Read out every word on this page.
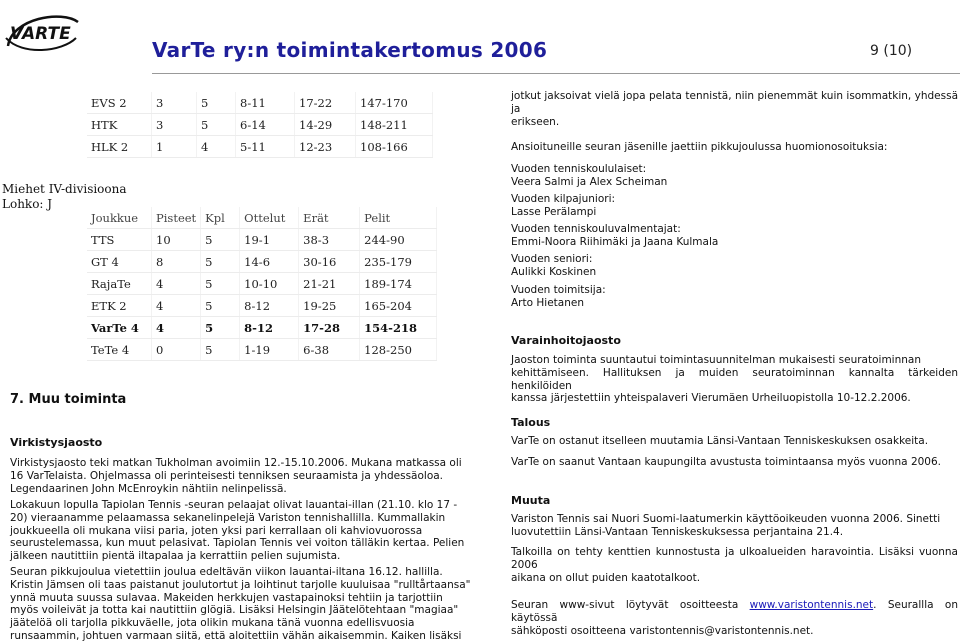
VARTE
VarTe ry:n toimintakertomus 2006	9 (10)
Miehet IV-divisioona
Lohko: J
EVS 2	3	5	8-11	17-22	147-170
HTK	3	5	6-14	14-29	148-211
HLK 2	1	4	5-11	12-23	108-166
Joukkue	Pisteet	Kpl	Ottelut	Erät	Pelit
TTS	10	5	19-1	38-3	244-90
GT 4	8	5	14-6	30-16	235-179
RajaTe	4	5	10-10	21-21	189-174
ETK 2	4	5	8-12	19-25	165-204
VarTe 4	4	5	8-12	17-28	154-218
TeTe 4	0	5	1-19	6-38	128-250
7. Muu toiminta
Virkistysjaosto

Virkistysjaosto teki matkan Tukholman avoimiin 12.-15.10.2006. Mukana matkassa oli

16 VarTelaista. Ohjelmassa oli perinteisesti tenniksen seuraamista ja yhdessäoloa.

Legendaarinen John McEnroykin nähtiin nelinpelissä.

Lokakuun lopulla Tapiolan Tennis -seuran pelaajat olivat lauantai-illan (21.10. klo 17 -

20) vieraanamme pelaamassa sekanelinpelejä Variston tennishallilla. Kummallakin

joukkueella oli mukana viisi paria, joten yksi pari kerrallaan oli kahviovuorossa

seurustelemassa, kun muut pelasivat. Tapiolan Tennis vei voiton tälläkin kertaa. Pelien

jälkeen nautittiin pientä iltapalaa ja kerrattiin pelien sujumista.

Seuran pikkujoulua vietettiin joulua edeltävän viikon lauantai-iltana 16.12. hallilla.

Kristin Jämsen oli taas paistanut joulutortut ja loihtinut tarjolle kuuluisaa "rulltårtaansa"

ynnä muuta suussa sulavaa. Makeiden herkkujen vastapainoksi tehtiin ja tarjottiin

myös voileivät ja totta kai nautittiin glögiä. Lisäksi Helsingin Jäätelötehtaan "magiaa"

jäätelöä oli tarjolla pikkuväelle, jota olikin mukana tänä vuonna edellisvuosia

runsaammin, johtuen varmaan siitä, että aloitettiin vähän aikaisemmin. Kaiken lisäksi

jotkut jaksoivat vielä jopa pelata tennistä, niin pienemmät kuin isommatkin, yhdessä ja

erikseen.

Ansioituneille seuran jäsenille jaettiin pikkujoulussa huomionosoituksia:

Vuoden tenniskoululaiset:

Veera Salmi ja Alex Scheiman

Vuoden kilpajuniori:

Lasse Perälampi

Vuoden tenniskouluvalmentajat:

Emmi-Noora Riihimäki ja Jaana Kulmala

Vuoden seniori:

Aulikki Koskinen

Vuoden toimitsija:

Arto Hietanen

Varainhoitojaosto

Jaoston toiminta suuntautui toimintasuunnitelman mukaisesti seuratoiminnan

kehittämiseen. Hallituksen ja muiden seuratoiminnan kannalta tärkeiden henkilöiden

kanssa järjestettiin yhteispalaveri Vierumäen Urheiluopistolla 10-12.2.2006.

Talous
VarTe on ostanut itselleen muutamia Länsi-Vantaan Tenniskeskuksen osakkeita.
VarTe on saanut Vantaan kaupungilta avustusta toimintaansa myös vuonna 2006.
Muuta

Variston Tennis sai Nuori Suomi-laatumerkin käyttöoikeuden vuonna 2006. Sinetti

luovutettiin Länsi-Vantaan Tenniskeskuksessa perjantaina 21.4.

Talkoilla on tehty kenttien kunnostusta ja ulkoalueiden haravointia. Lisäksi vuonna 2006

aikana on ollut puiden kaatotalkoot.

Seuran www-sivut löytyvät osoitteesta www.varistontennis.net. Seurallla on käytössä

sähköposti osoitteena varistontennis@varistontennis.net.
